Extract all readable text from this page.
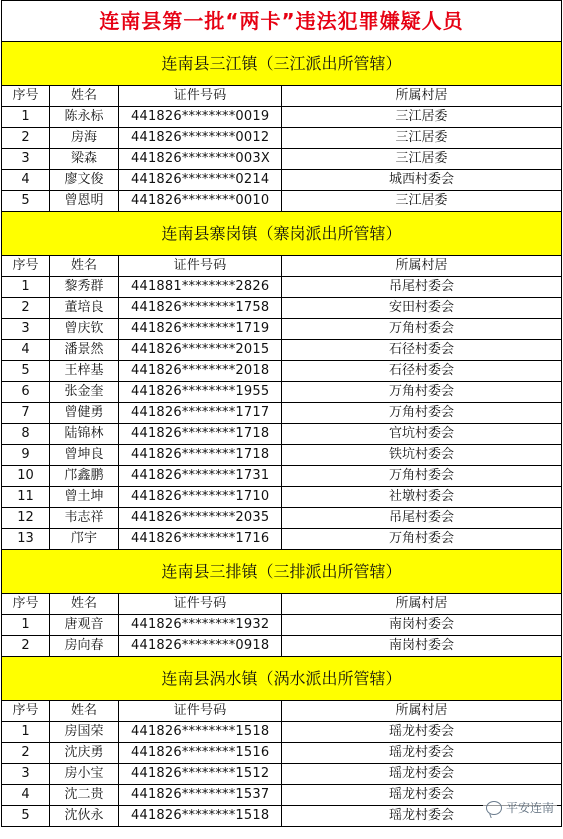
连南县第一批“两卡”违法犯罪嫌疑人员
连南县三江镇（三江派出所管辖）
序号	姓名	证件号码	所属村居
1	陈永标	441826********0019	三江居委
2	房海	441826********0012	三江居委
3	梁森	441826********003X	三江居委
4	廖文俊	441826********0214	城西村委会
5	曾恩明	441826********0010	三江居委
连南县寨岗镇（寨岗派出所管辖）
序号	姓名	证件号码	所属村居
1	黎秀群	441881********2826	吊尾村委会
2	董培良	441826********1758	安田村委会
3	曾庆钦	441826********1719	万角村委会
4	潘景然	441826********2015	石径村委会
5	王梓基	441826********2018	石径村委会
6	张金奎	441826********1955	万角村委会
7	曾健勇	441826********1717	万角村委会
8	陆锦林	441826********1718	官坑村委会
9	曾坤良	441826********1718	铁坑村委会
10	邝鑫鹏	441826********1731	万角村委会
11	曾土坤	441826********1710	社墩村委会
12	韦志祥	441826********2035	吊尾村委会
13	邝宇	441826********1716	万角村委会
连南县三排镇（三排派出所管辖）
序号	姓名	证件号码	所属村居
1	唐观音	441826********1932	南岗村委会
2	房向春	441826********0918	南岗村委会
连南县涡水镇（涡水派出所管辖）
序号	姓名	证件号码	所属村居
1	房国荣	441826********1518	瑶龙村委会
2	沈庆勇	441826********1516	瑶龙村委会
3	房小宝	441826********1512	瑶龙村委会
4	沈二贵	441826********1537	瑶龙村委会
5	沈伙永	441826********1518	瑶龙村委会	平安连南
